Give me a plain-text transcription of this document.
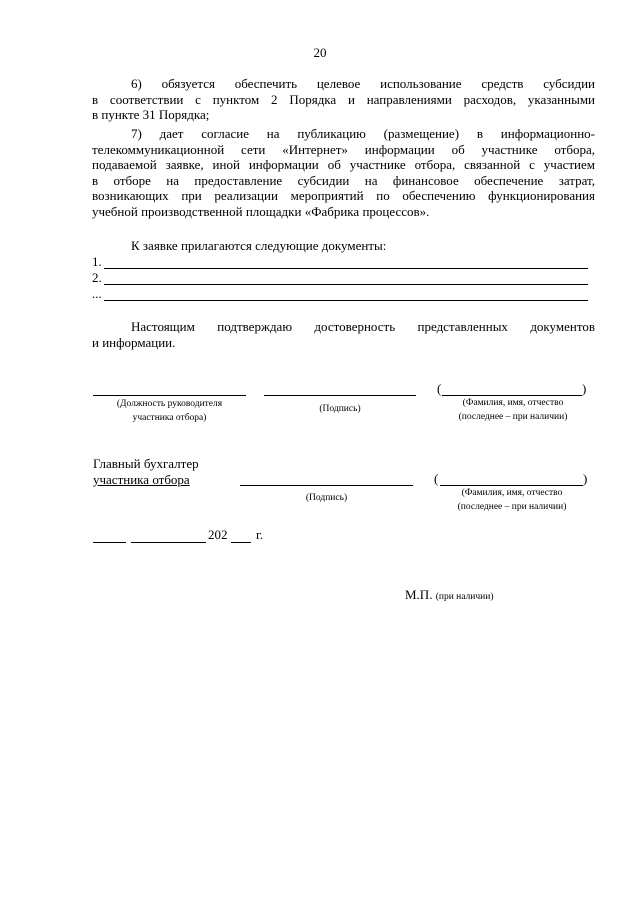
20
6) обязуется обеспечить целевое использование средств субсидии
в соответствии с пунктом 2 Порядка и направлениями расходов, указанными
в пункте 31 Порядка;
7) дает согласие на публикацию (размещение) в информационно-
телекоммуникационной сети «Интернет» информации об участнике отбора,
подаваемой заявке, иной информации об участнике отбора, связанной с участием
в отборе на предоставление субсидии на финансовое обеспечение затрат,
возникающих при реализации мероприятий по обеспечению функционирования
учебной производственной площадки «Фабрика процессов».
К заявке прилагаются следующие документы:
1.
2.
...
Настоящим подтверждаю достоверность представленных документов
и информации.
(Должность руководителя
участника отбора)
(Подпись)
(	)
(Фамилия, имя, отчество
(последнее – при наличии)
Главный бухгалтер
участника отбора
(Подпись)
(	)
(Фамилия, имя, отчество
(последнее – при наличии)
202 г.
М.П. (при наличии)
